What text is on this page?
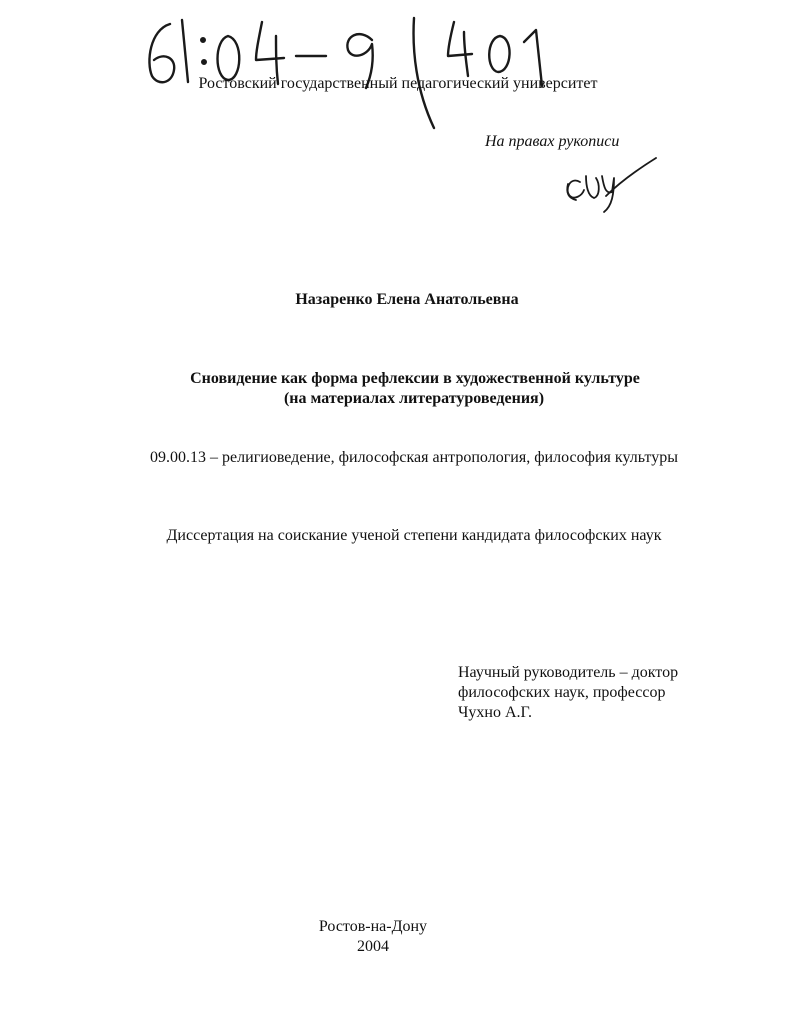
Ростовский государственный педагогический университет
На правах рукописи
Назаренко Елена Анатольевна
Сновидение как форма рефлексии в художественной культуре
(на материалах литературоведения)
09.00.13 – религиоведение, философская антропология, философия культуры
Диссертация на соискание ученой степени кандидата философских наук
Научный руководитель – доктор
философских наук, профессор
Чухно А.Г.
Ростов-на-Дону
2004
